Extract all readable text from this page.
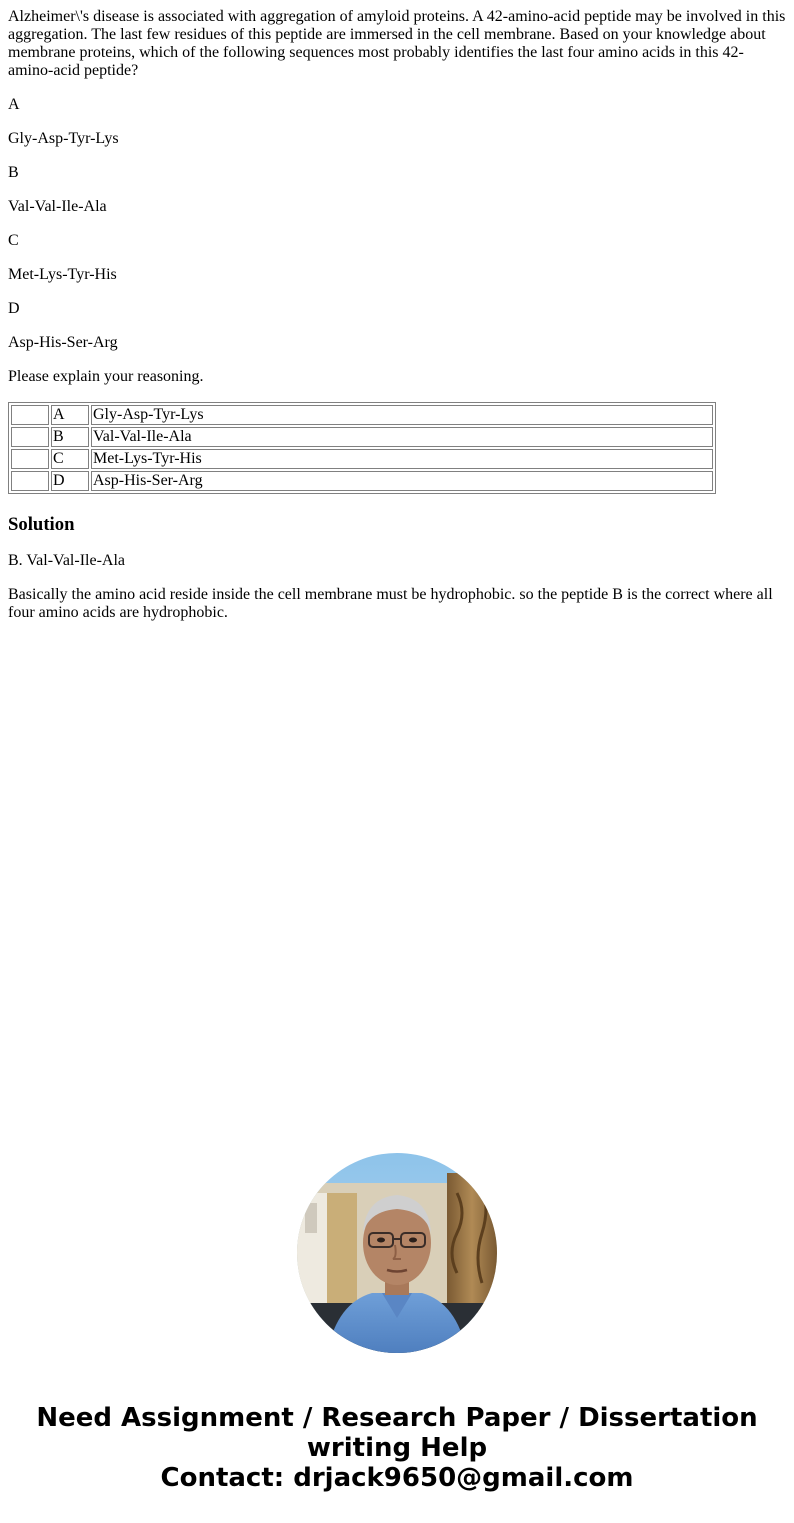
Alzheimer\'s disease is associated with aggregation of amyloid proteins. A 42-amino-acid peptide may be involved in this aggregation. The last few residues of this peptide are immersed in the cell membrane. Based on your knowledge about membrane proteins, which of the following sequences most probably identifies the last four amino acids in this 42-amino-acid peptide?

A

Gly-Asp-Tyr-Lys

B

Val-Val-Ile-Ala

C

Met-Lys-Tyr-His

D

Asp-His-Ser-Arg

Please explain your reasoning.

	A	Gly-Asp-Tyr-Lys
	B	Val-Val-Ile-Ala
	C	Met-Lys-Tyr-His
	D	Asp-His-Ser-Arg
Solution

B. Val-Val-Ile-Ala

Basically the amino acid reside inside the cell membrane must be hydrophobic. so the peptide B is the correct where all four amino acids are hydrophobic.

Need Assignment / Research Paper / Dissertation
writing Help
Contact: drjack9650@gmail.com
